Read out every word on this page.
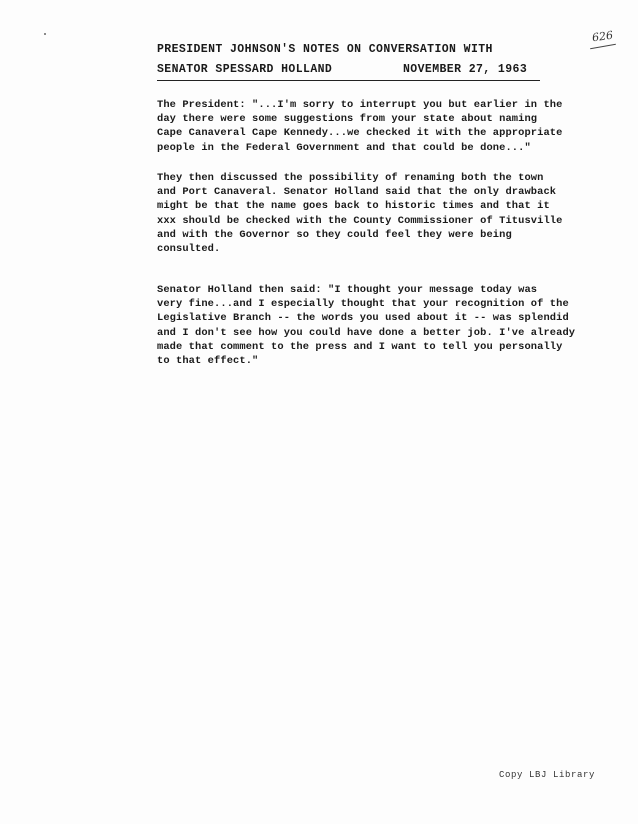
PRESIDENT JOHNSON'S NOTES ON CONVERSATION WITH
SENATOR SPESSARD HOLLAND	NOVEMBER 27, 1963
626
The President: "...I'm sorry to interrupt you but earlier in the
day there were some suggestions from your state about naming
Cape Canaveral Cape Kennedy...we checked it with the appropriate
people in the Federal Government and that could be done..."
They then discussed the possibility of renaming both the town
and Port Canaveral. Senator Holland said that the only drawback
might be that the name goes back to historic times and that it
xxx should be checked with the County Commissioner of Titusville
and with the Governor so they could feel they were being
consulted.
Senator Holland then said: "I thought your message today was
very fine...and I especially thought that your recognition of the
Legislative Branch -- the words you used about it -- was splendid
and I don't see how you could have done a better job. I've already
made that comment to the press and I want to tell you personally
to that effect."
Copy LBJ Library
